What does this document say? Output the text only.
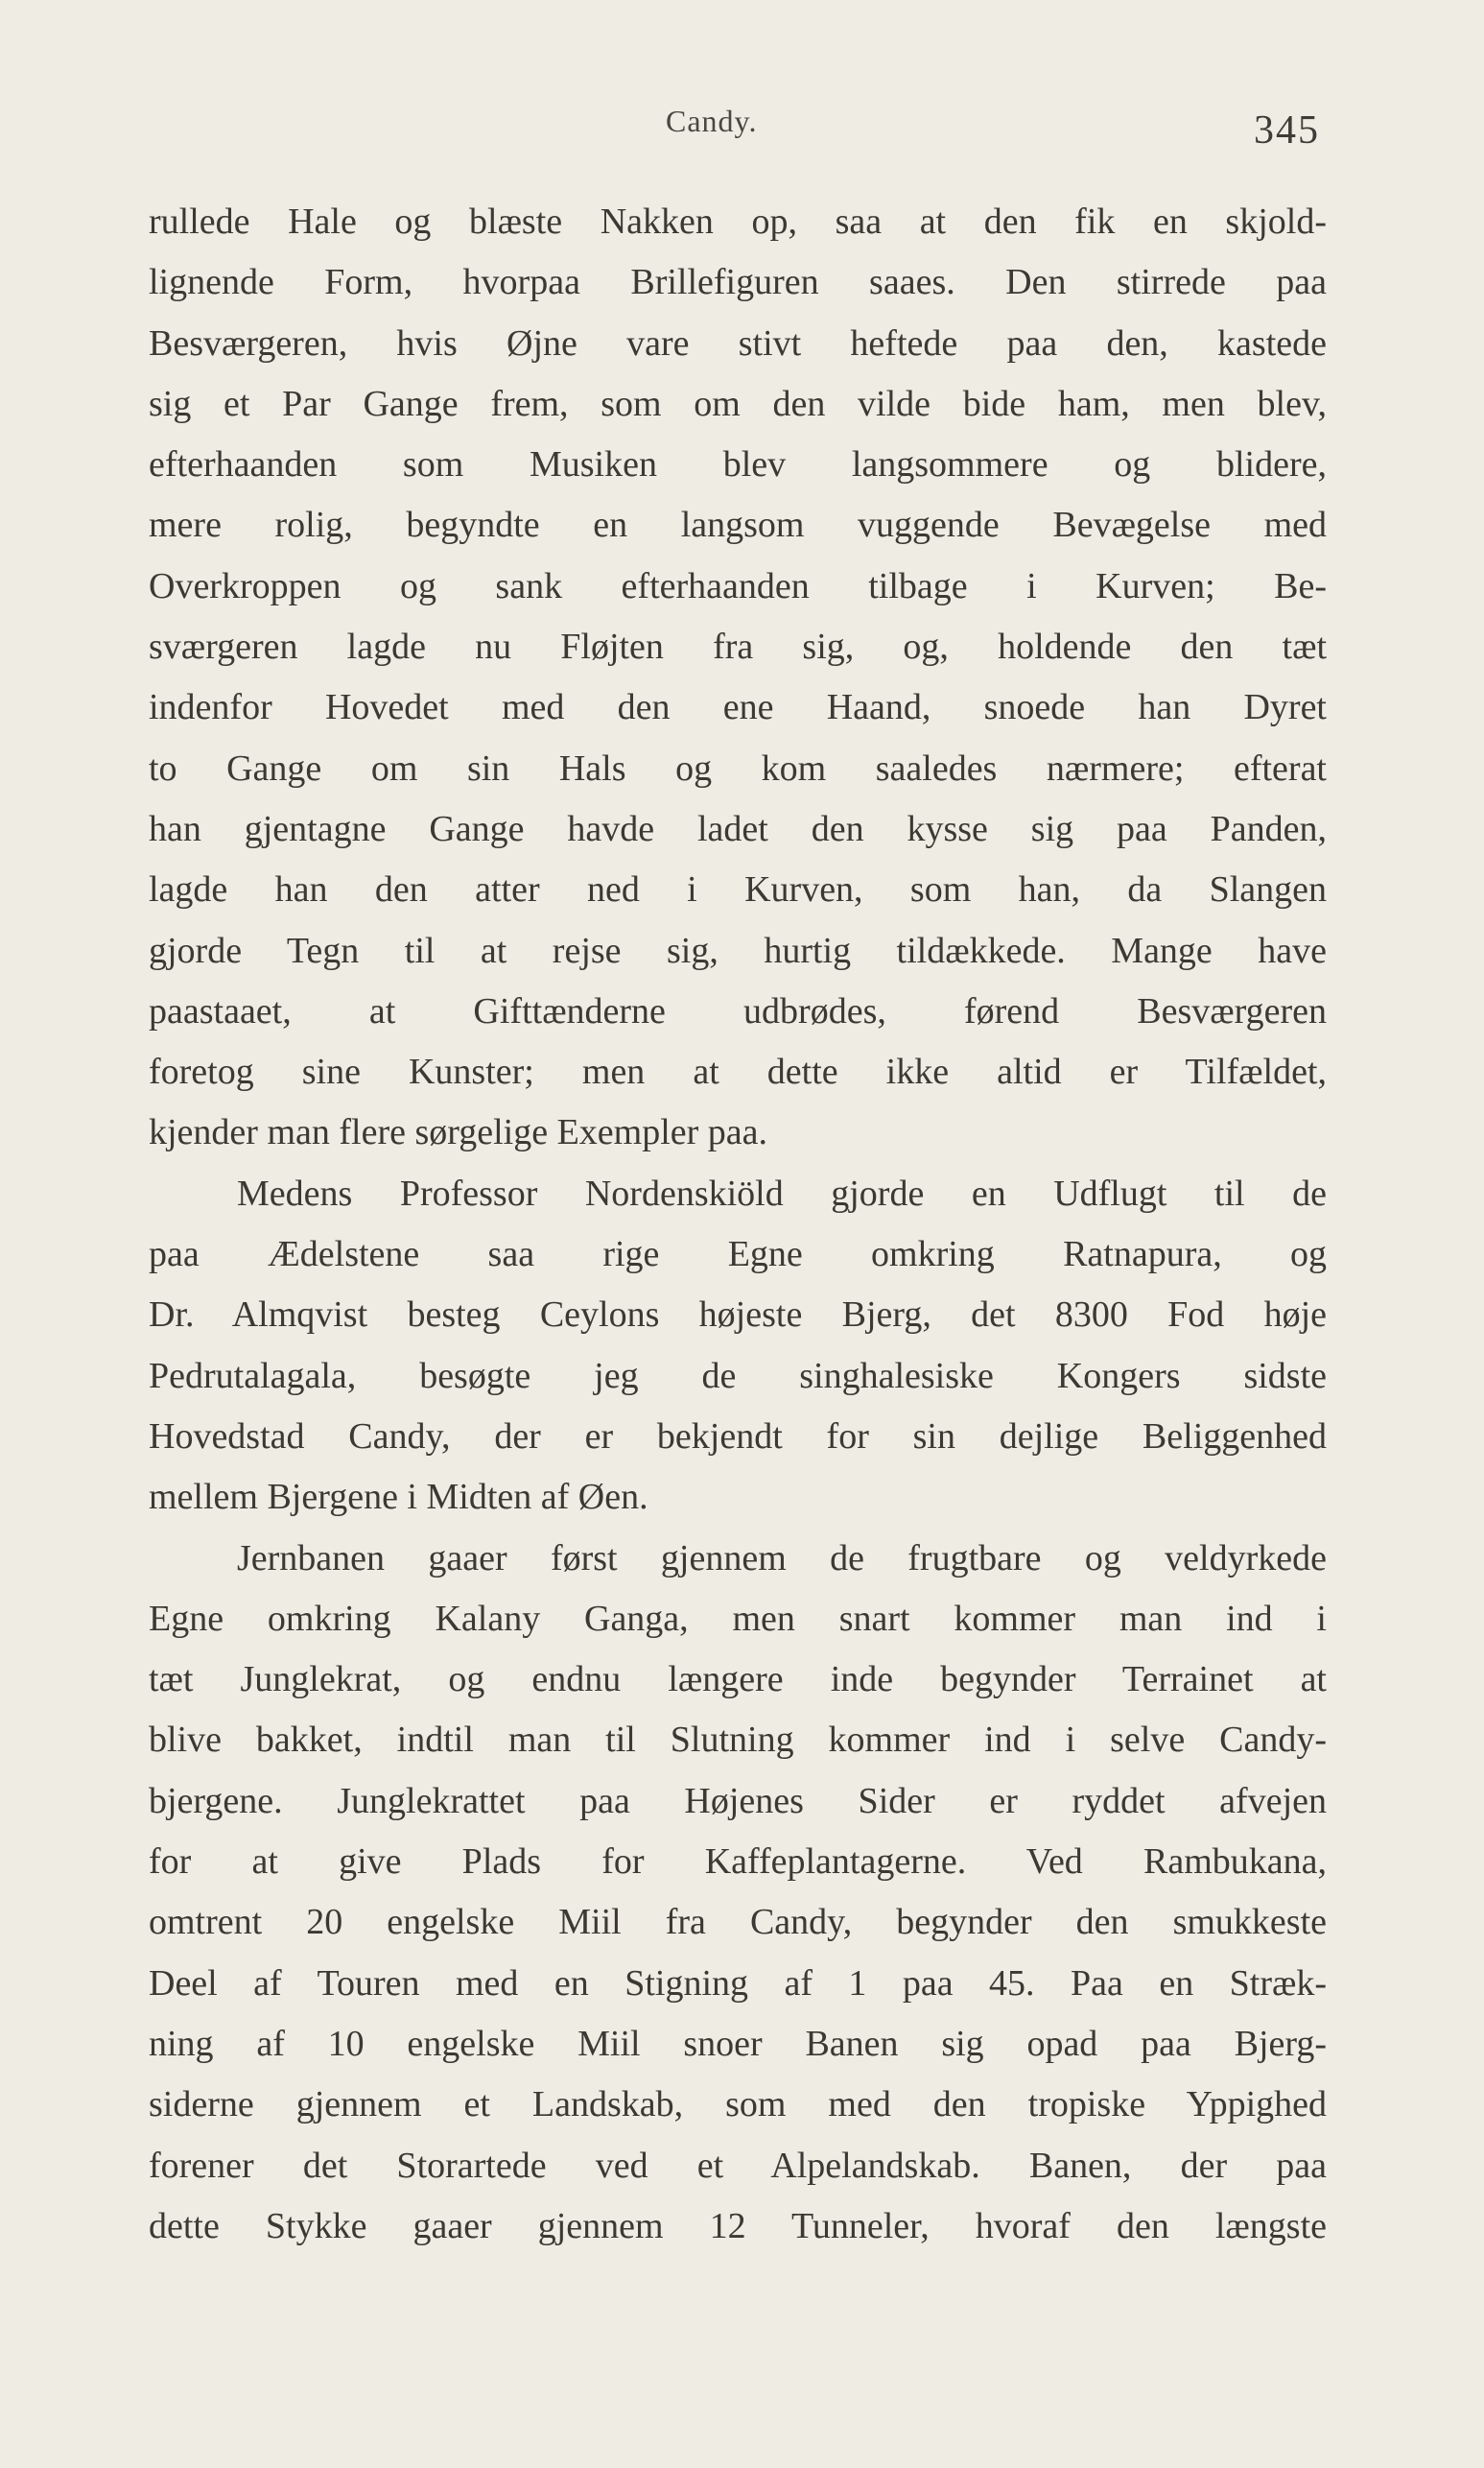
Candy.	345
rullede Hale og blæste Nakken op, saa at den fik en skjold-
lignende Form, hvorpaa Brillefiguren saaes. Den stirrede paa
Besværgeren, hvis Øjne vare stivt heftede paa den, kastede
sig et Par Gange frem, som om den vilde bide ham, men blev,
efterhaanden som Musiken blev langsommere og blidere,
mere rolig, begyndte en langsom vuggende Bevægelse med
Overkroppen og sank efterhaanden tilbage i Kurven; Be-
sværgeren lagde nu Fløjten fra sig, og, holdende den tæt
indenfor Hovedet med den ene Haand, snoede han Dyret
to Gange om sin Hals og kom saaledes nærmere; efterat
han gjentagne Gange havde ladet den kysse sig paa Panden,
lagde han den atter ned i Kurven, som han, da Slangen
gjorde Tegn til at rejse sig, hurtig tildækkede. Mange have
paastaaet, at Gifttænderne udbrødes, førend Besværgeren
foretog sine Kunster; men at dette ikke altid er Tilfældet,
kjender man flere sørgelige Exempler paa.
Medens Professor Nordenskiöld gjorde en Udflugt til de
paa Ædelstene saa rige Egne omkring Ratnapura, og
Dr. Almqvist besteg Ceylons højeste Bjerg, det 8300 Fod høje
Pedrutalagala, besøgte jeg de singhalesiske Kongers sidste
Hovedstad Candy, der er bekjendt for sin dejlige Beliggenhed
mellem Bjergene i Midten af Øen.
Jernbanen gaaer først gjennem de frugtbare og veldyrkede
Egne omkring Kalany Ganga, men snart kommer man ind i
tæt Junglekrat, og endnu længere inde begynder Terrainet at
blive bakket, indtil man til Slutning kommer ind i selve Candy-
bjergene. Junglekrattet paa Højenes Sider er ryddet afvejen
for at give Plads for Kaffeplantagerne. Ved Rambukana,
omtrent 20 engelske Miil fra Candy, begynder den smukkeste
Deel af Touren med en Stigning af 1 paa 45. Paa en Stræk-
ning af 10 engelske Miil snoer Banen sig opad paa Bjerg-
siderne gjennem et Landskab, som med den tropiske Yppighed
forener det Storartede ved et Alpelandskab. Banen, der paa
dette Stykke gaaer gjennem 12 Tunneler, hvoraf den længste
